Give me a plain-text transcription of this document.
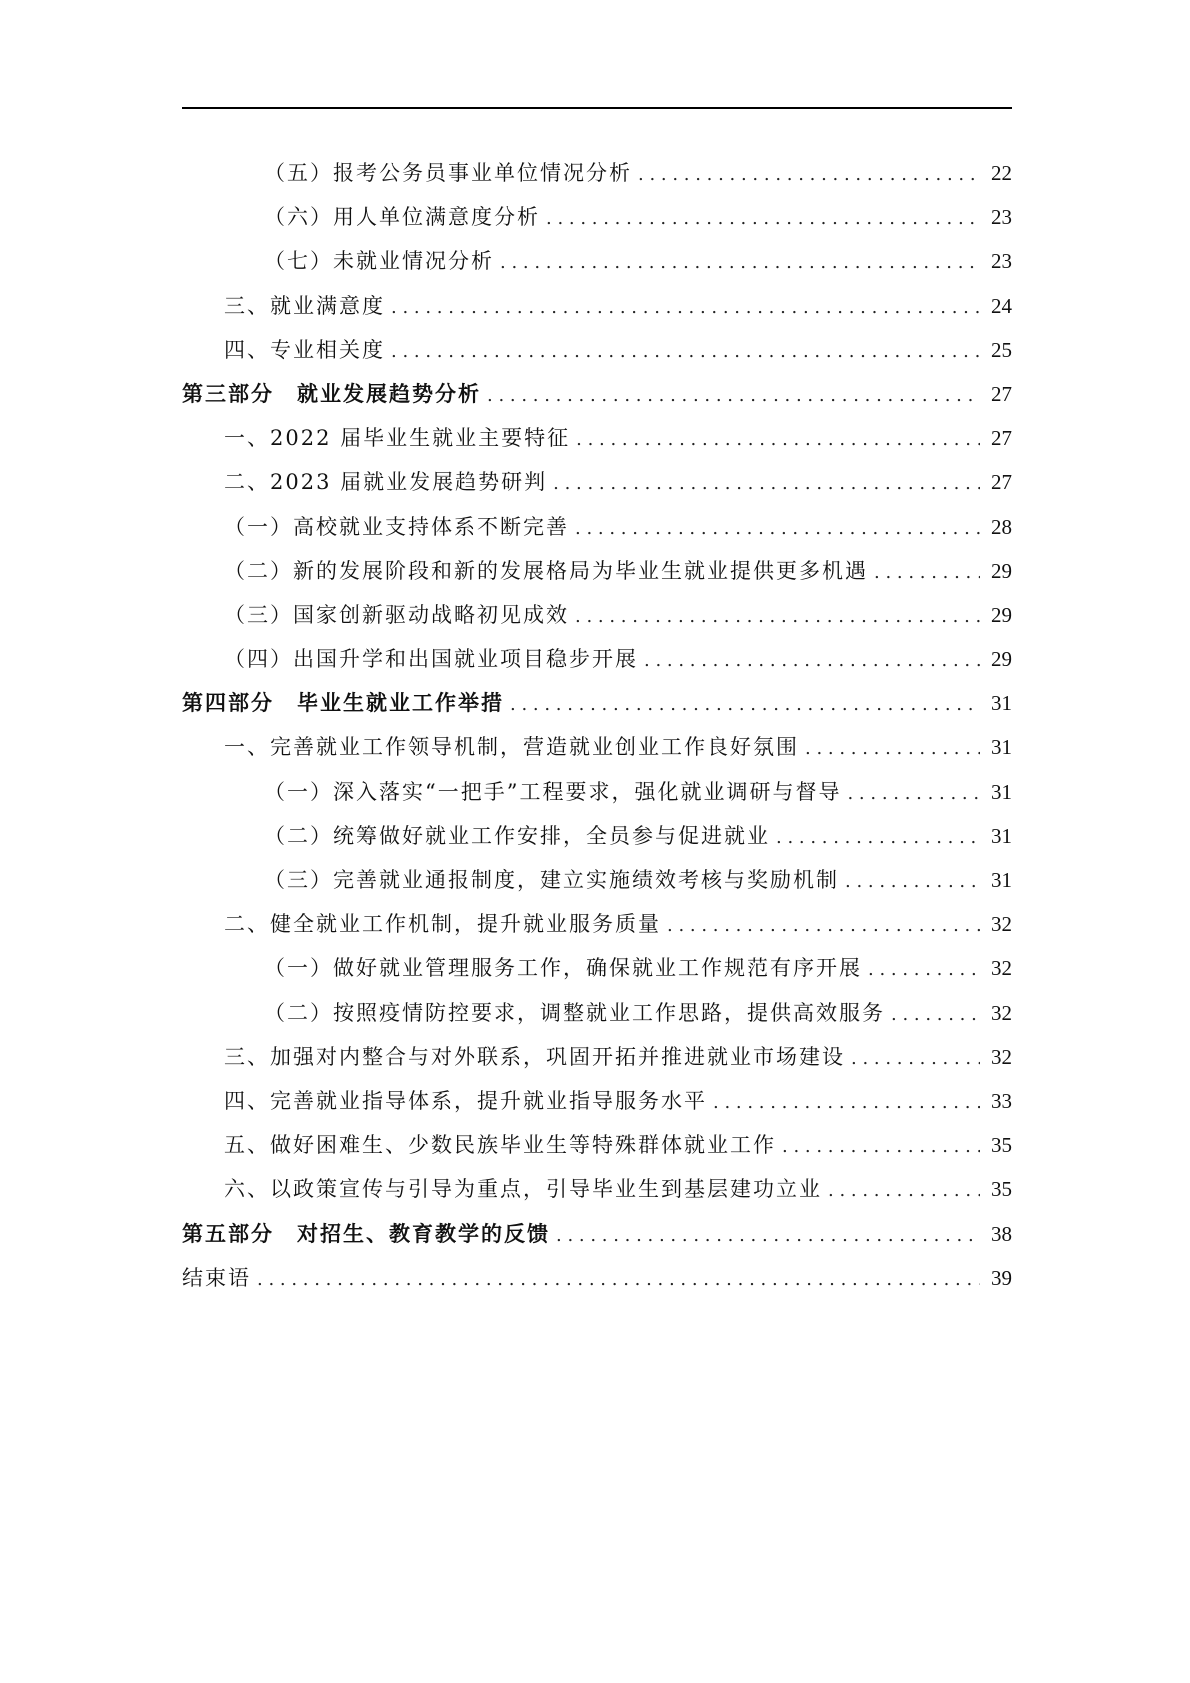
（五）报考公务员事业单位情况分析 . . .	22
（六）用人单位满意度分析 . . .	23
（七）未就业情况分析 . . .	23
三、就业满意度 . . .	24
四、专业相关度 . . .	25
第三部分　就业发展趋势分析 . . .	27
一、2022 届毕业生就业主要特征 . . .	27
二、2023 届就业发展趋势研判 . . .	27
（一）高校就业支持体系不断完善 . . .	28
（二）新的发展阶段和新的发展格局为毕业生就业提供更多机遇 . . .	29
（三）国家创新驱动战略初见成效 . . .	29
（四）出国升学和出国就业项目稳步开展 . . .	29
第四部分　毕业生就业工作举措 . . .	31
一、完善就业工作领导机制，营造就业创业工作良好氛围 . . .	31
（一）深入落实“一把手”工程要求，强化就业调研与督导 . . .	31
（二）统筹做好就业工作安排，全员参与促进就业 . . .	31
（三）完善就业通报制度，建立实施绩效考核与奖励机制 . . .	31
二、健全就业工作机制，提升就业服务质量 . . .	32
（一）做好就业管理服务工作，确保就业工作规范有序开展 . . .	32
（二）按照疫情防控要求，调整就业工作思路，提供高效服务 . . .	32
三、加强对内整合与对外联系，巩固开拓并推进就业市场建设 . . .	32
四、完善就业指导体系，提升就业指导服务水平 . . .	33
五、做好困难生、少数民族毕业生等特殊群体就业工作 . . .	35
六、以政策宣传与引导为重点，引导毕业生到基层建功立业 . . .	35
第五部分　对招生、教育教学的反馈 . . .	38
结束语 . . .	39
